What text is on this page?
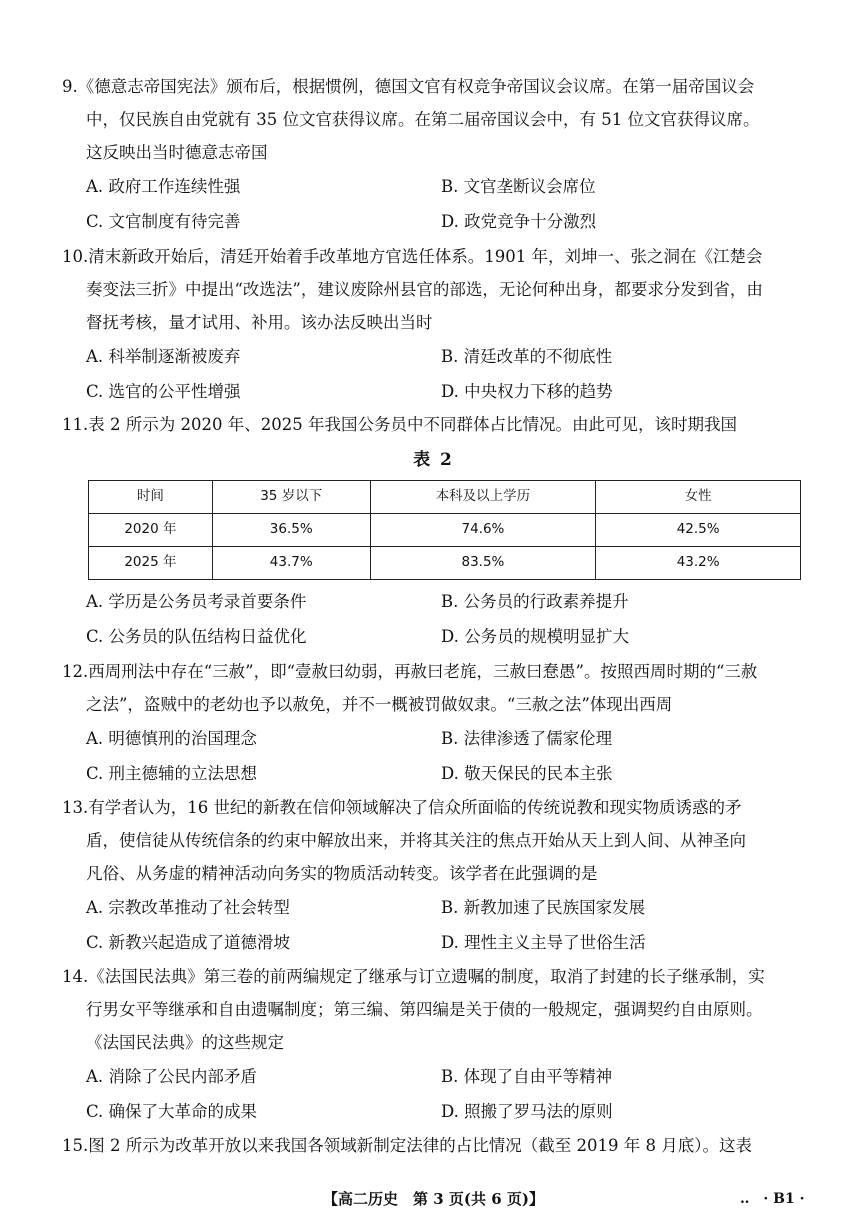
9.《德意志帝国宪法》颁布后，根据惯例，德国文官有权竞争帝国议会议席。在第一届帝国议会
中，仅民族自由党就有 35 位文官获得议席。在第二届帝国议会中，有 51 位文官获得议席。
这反映出当时德意志帝国
A. 政府工作连续性强	B. 文官垄断议会席位
C. 文官制度有待完善	D. 政党竞争十分激烈
10.清末新政开始后，清廷开始着手改革地方官选任体系。1901 年，刘坤一、张之洞在《江楚会
奏变法三折》中提出“改选法”，建议废除州县官的部选，无论何种出身，都要求分发到省，由
督抚考核，量才试用、补用。该办法反映出当时
A. 科举制逐渐被废弃	B. 清廷改革的不彻底性
C. 选官的公平性增强	D. 中央权力下移的趋势
11.表 2 所示为 2020 年、2025 年我国公务员中不同群体占比情况。由此可见，该时期我国
表 2
时间	35 岁以下	本科及以上学历	女性
2020 年	36.5%	74.6%	42.5%
2025 年	43.7%	83.5%	43.2%
A. 学历是公务员考录首要条件	B. 公务员的行政素养提升
C. 公务员的队伍结构日益优化	D. 公务员的规模明显扩大
12.西周刑法中存在“三赦”，即“壹赦曰幼弱，再赦曰老旄，三赦曰惷愚”。按照西周时期的“三赦
之法”，盗贼中的老幼也予以赦免，并不一概被罚做奴隶。“三赦之法”体现出西周
A. 明德慎刑的治国理念	B. 法律渗透了儒家伦理
C. 刑主德辅的立法思想	D. 敬天保民的民本主张
13.有学者认为，16 世纪的新教在信仰领域解决了信众所面临的传统说教和现实物质诱惑的矛
盾，使信徒从传统信条的约束中解放出来，并将其关注的焦点开始从天上到人间、从神圣向
凡俗、从务虚的精神活动向务实的物质活动转变。该学者在此强调的是
A. 宗教改革推动了社会转型	B. 新教加速了民族国家发展
C. 新教兴起造成了道德滑坡	D. 理性主义主导了世俗生活
14.《法国民法典》第三卷的前两编规定了继承与订立遗嘱的制度，取消了封建的长子继承制，实
行男女平等继承和自由遗嘱制度；第三编、第四编是关于债的一般规定，强调契约自由原则。
《法国民法典》的这些规定
A. 消除了公民内部矛盾	B. 体现了自由平等精神
C. 确保了大革命的成果	D. 照搬了罗马法的原则
15.图 2 所示为改革开放以来我国各领域新制定法律的占比情况（截至 2019 年 8 月底）。这表
【高二历史　第 3 页(共 6 页)】	‥　· B1 ·
